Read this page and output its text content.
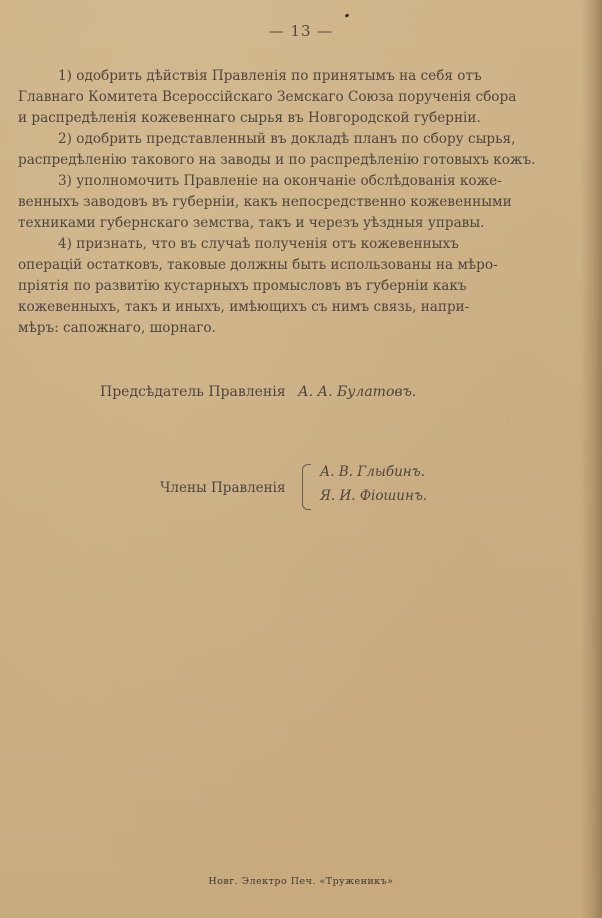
— 13 —
1) одобрить дѣйствія Правленія по принятымъ на себя отъ
Главнаго Комитета Всероссійскаго Земскаго Союза порученія сбора
и распредѣленія кожевеннаго сырья въ Новгородской губерніи.
2) одобрить представленный въ докладѣ планъ по сбору сырья,
распредѣленію такового на заводы и по распредѣленію готовыхъ кожъ.
3) уполномочить Правленіе на окончаніе обслѣдованія коже-
венныхъ заводовъ въ губерніи, какъ непосредственно кожевенными
техниками губернскаго земства, такъ и черезъ уѣздныя управы.
4) признать, что въ случаѣ полученія отъ кожевенныхъ
операцій остатковъ, таковые должны быть использованы на мѣро-
пріятія по развитію кустарныхъ промысловъ въ губерніи какъ
кожевенныхъ, такъ и иныхъ, имѣющихъ съ нимъ связь, напри-
мѣръ: сапожнаго, шорнаго.
Предсѣдатель Правленія А. А. Булатовъ.
Члены Правленія
А. В. Глыбинъ.
Я. И. Фіошинъ.
Новг. Электро Печ. «Труженикъ»
